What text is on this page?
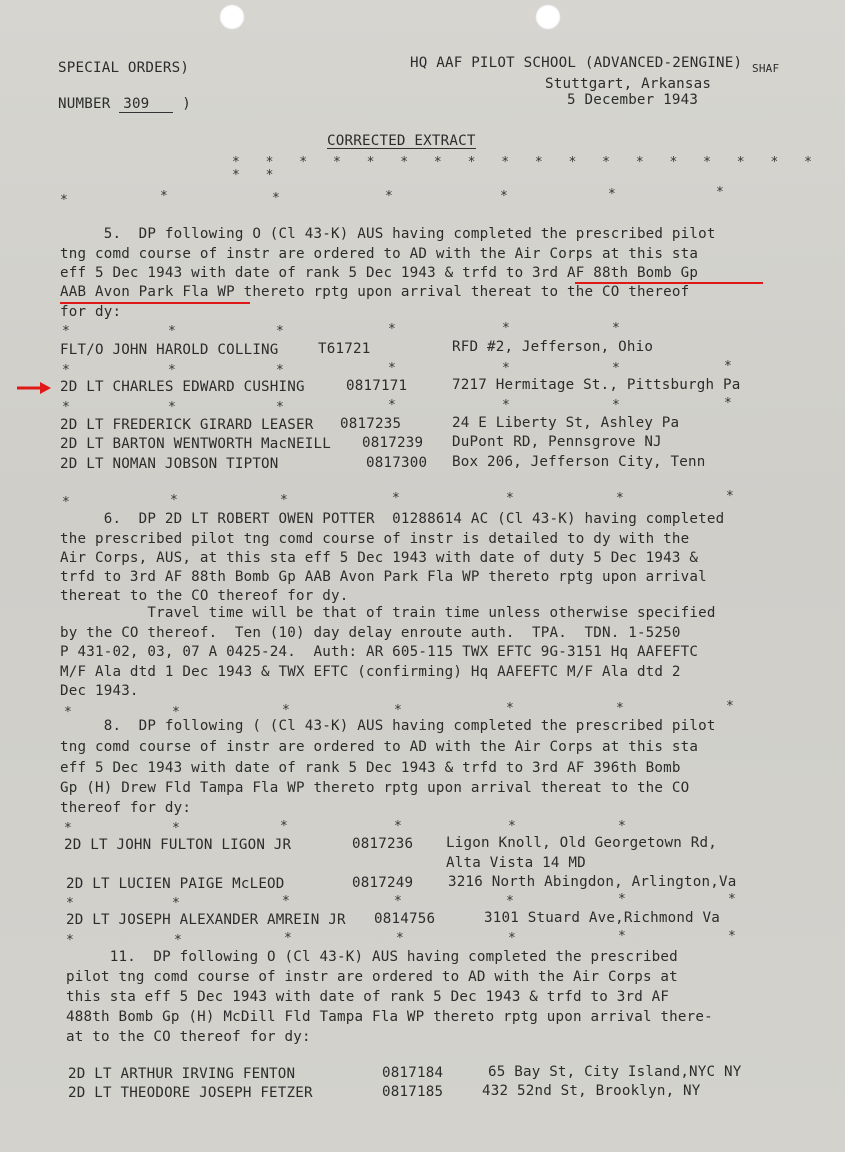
SPECIAL ORDERS)
NUMBER 309 )
HQ AAF PILOT SCHOOL (ADVANCED-2ENGINE) SHAF
Stuttgart, Arkansas
5 December 1943
CORRECTED EXTRACT
* * * * * * * * * * * * * * * * * * * *
*	*	*	*	*	*	*
5.  DP following O (Cl 43-K) AUS having completed the prescribed pilot
tng comd course of instr are ordered to AD with the Air Corps at this sta
eff 5 Dec 1943 with date of rank 5 Dec 1943 & trfd to 3rd AF 88th Bomb Gp
AAB Avon Park Fla WP thereto rptg upon arrival thereat to the CO thereof
for dy:
*	*	*	*	*	*
FLT/O JOHN HAROLD COLLING	T61721	RFD #2, Jefferson, Ohio
*	*	*	*	*	*	*
2D LT CHARLES EDWARD CUSHING	0817171	7217 Hermitage St., Pittsburgh Pa
*	*	*	*	*	*	*
2D LT FREDERICK GIRARD LEASER 0817235	24 E Liberty St, Ashley Pa
2D LT BARTON WENTWORTH MacNEILL 0817239 DuPont RD, Pennsgrove NJ
2D LT NOMAN JOBSON TIPTON	0817300 Box 206, Jefferson City, Tenn
*	*	*	*	*	*	*
6.  DP 2D LT ROBERT OWEN POTTER  01288614 AC (Cl 43-K) having completed
the prescribed pilot tng comd course of instr is detailed to dy with the
Air Corps, AUS, at this sta eff 5 Dec 1943 with date of duty 5 Dec 1943 &
trfd to 3rd AF 88th Bomb Gp AAB Avon Park Fla WP thereto rptg upon arrival
thereat to the CO thereof for dy.
Travel time will be that of train time unless otherwise specified
by the CO thereof.  Ten (10) day delay enroute auth.  TPA.  TDN. 1-5250
P 431-02, 03, 07 A 0425-24.  Auth: AR 605-115 TWX EFTC 9G-3151 Hq AAFEFTC
M/F Ala dtd 1 Dec 1943 & TWX EFTC (confirming) Hq AAFEFTC M/F Ala dtd 2
Dec 1943.
*	*	*	*	*	*	*
8.  DP following ( (Cl 43-K) AUS having completed the prescribed pilot
tng comd course of instr are ordered to AD with the Air Corps at this sta
eff 5 Dec 1943 with date of rank 5 Dec 1943 & trfd to 3rd AF 396th Bomb
Gp (H) Drew Fld Tampa Fla WP thereto rptg upon arrival thereat to the CO
thereof for dy:
*	*	*	*	*	*
2D LT JOHN FULTON LIGON JR	0817236 Ligon Knoll, Old Georgetown Rd,
Alta Vista 14 MD
2D LT LUCIEN PAIGE McLEOD	0817249 3216 North Abingdon, Arlington,Va
*	*	*	*	*	*	*
2D LT JOSEPH ALEXANDER AMREIN JR 0814756	3101 Stuard Ave,Richmond Va
*	*	*	*	*	*	*
11.  DP following O (Cl 43-K) AUS having completed the prescribed
pilot tng comd course of instr are ordered to AD with the Air Corps at
this sta eff 5 Dec 1943 with date of rank 5 Dec 1943 & trfd to 3rd AF
488th Bomb Gp (H) McDill Fld Tampa Fla WP thereto rptg upon arrival there-
at to the CO thereof for dy:
2D LT ARTHUR IRVING FENTON	0817184	65 Bay St, City Island,NYC NY
2D LT THEODORE JOSEPH FETZER	0817185	432 52nd St, Brooklyn, NY
